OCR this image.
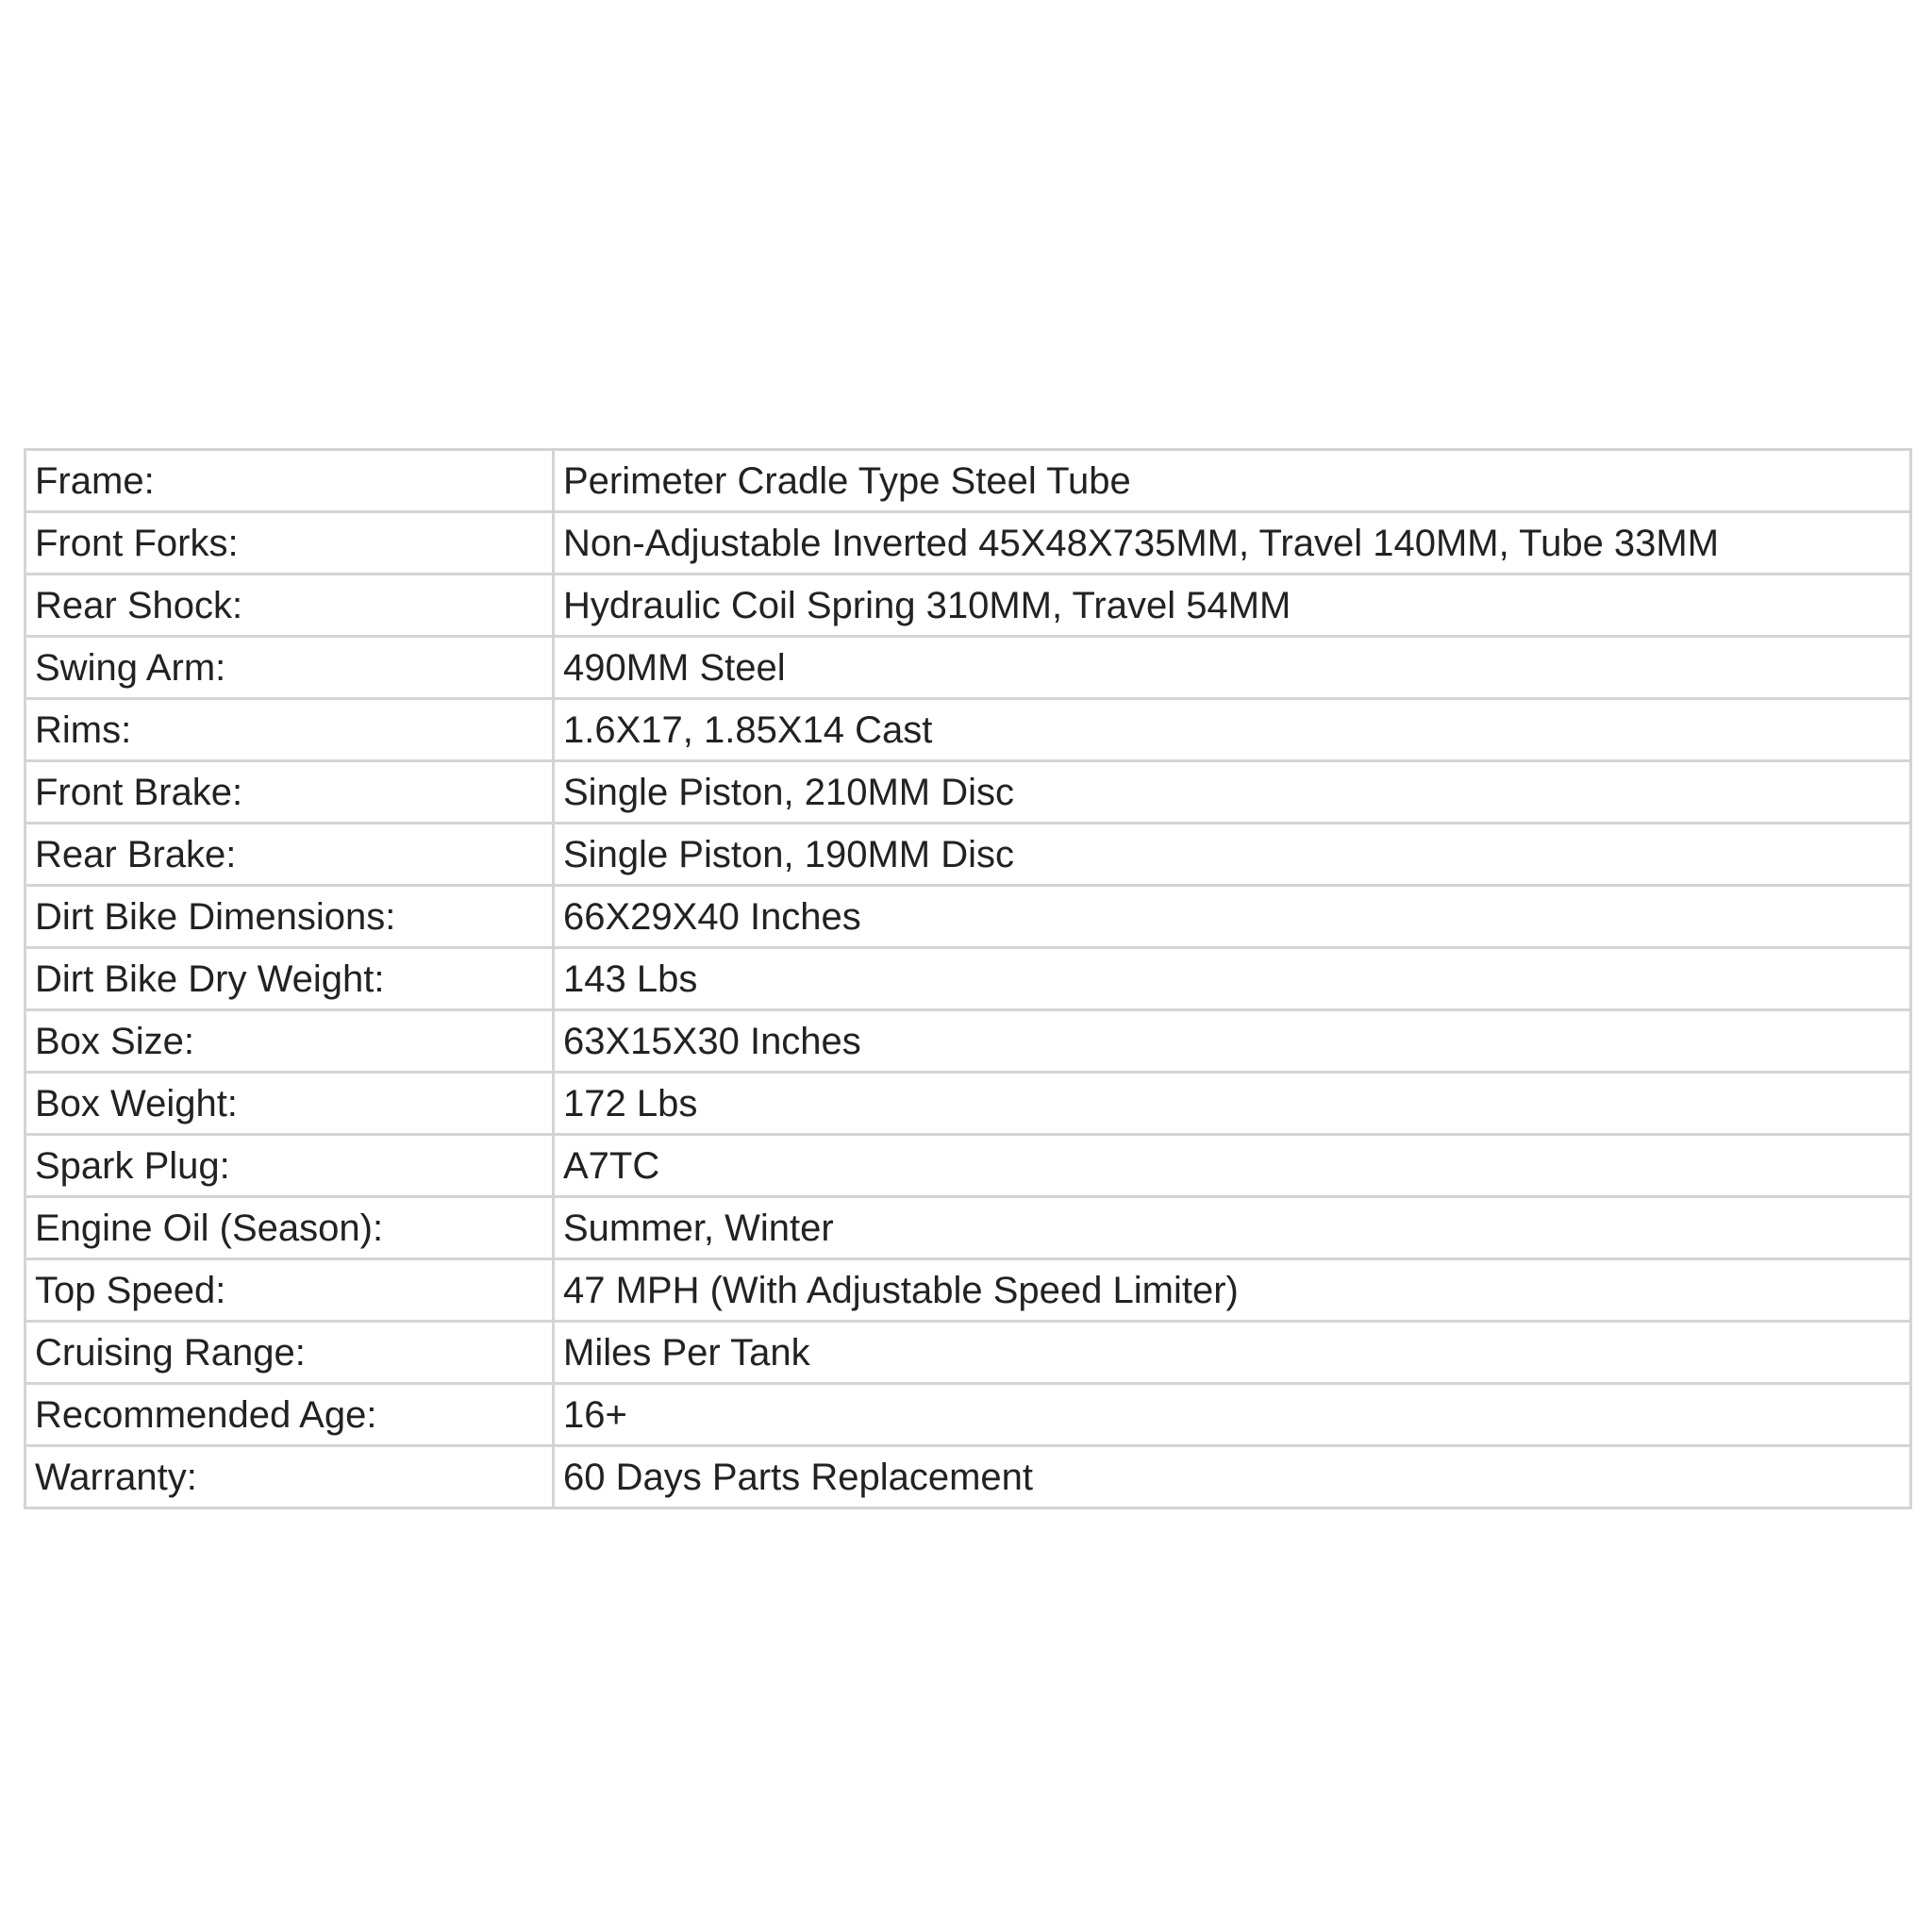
Frame:	Perimeter Cradle Type Steel Tube
Front Forks:	Non-Adjustable Inverted 45X48X735MM, Travel 140MM, Tube 33MM
Rear Shock:	Hydraulic Coil Spring 310MM, Travel 54MM
Swing Arm:	490MM Steel
Rims:	1.6X17, 1.85X14 Cast
Front Brake:	Single Piston, 210MM Disc
Rear Brake:	Single Piston, 190MM Disc
Dirt Bike Dimensions:	66X29X40 Inches
Dirt Bike Dry Weight:	143 Lbs
Box Size:	63X15X30 Inches
Box Weight:	172 Lbs
Spark Plug:	A7TC
Engine Oil (Season):	Summer, Winter
Top Speed:	47 MPH (With Adjustable Speed Limiter)
Cruising Range:	Miles Per Tank
Recommended Age:	16+
Warranty:	60 Days Parts Replacement
